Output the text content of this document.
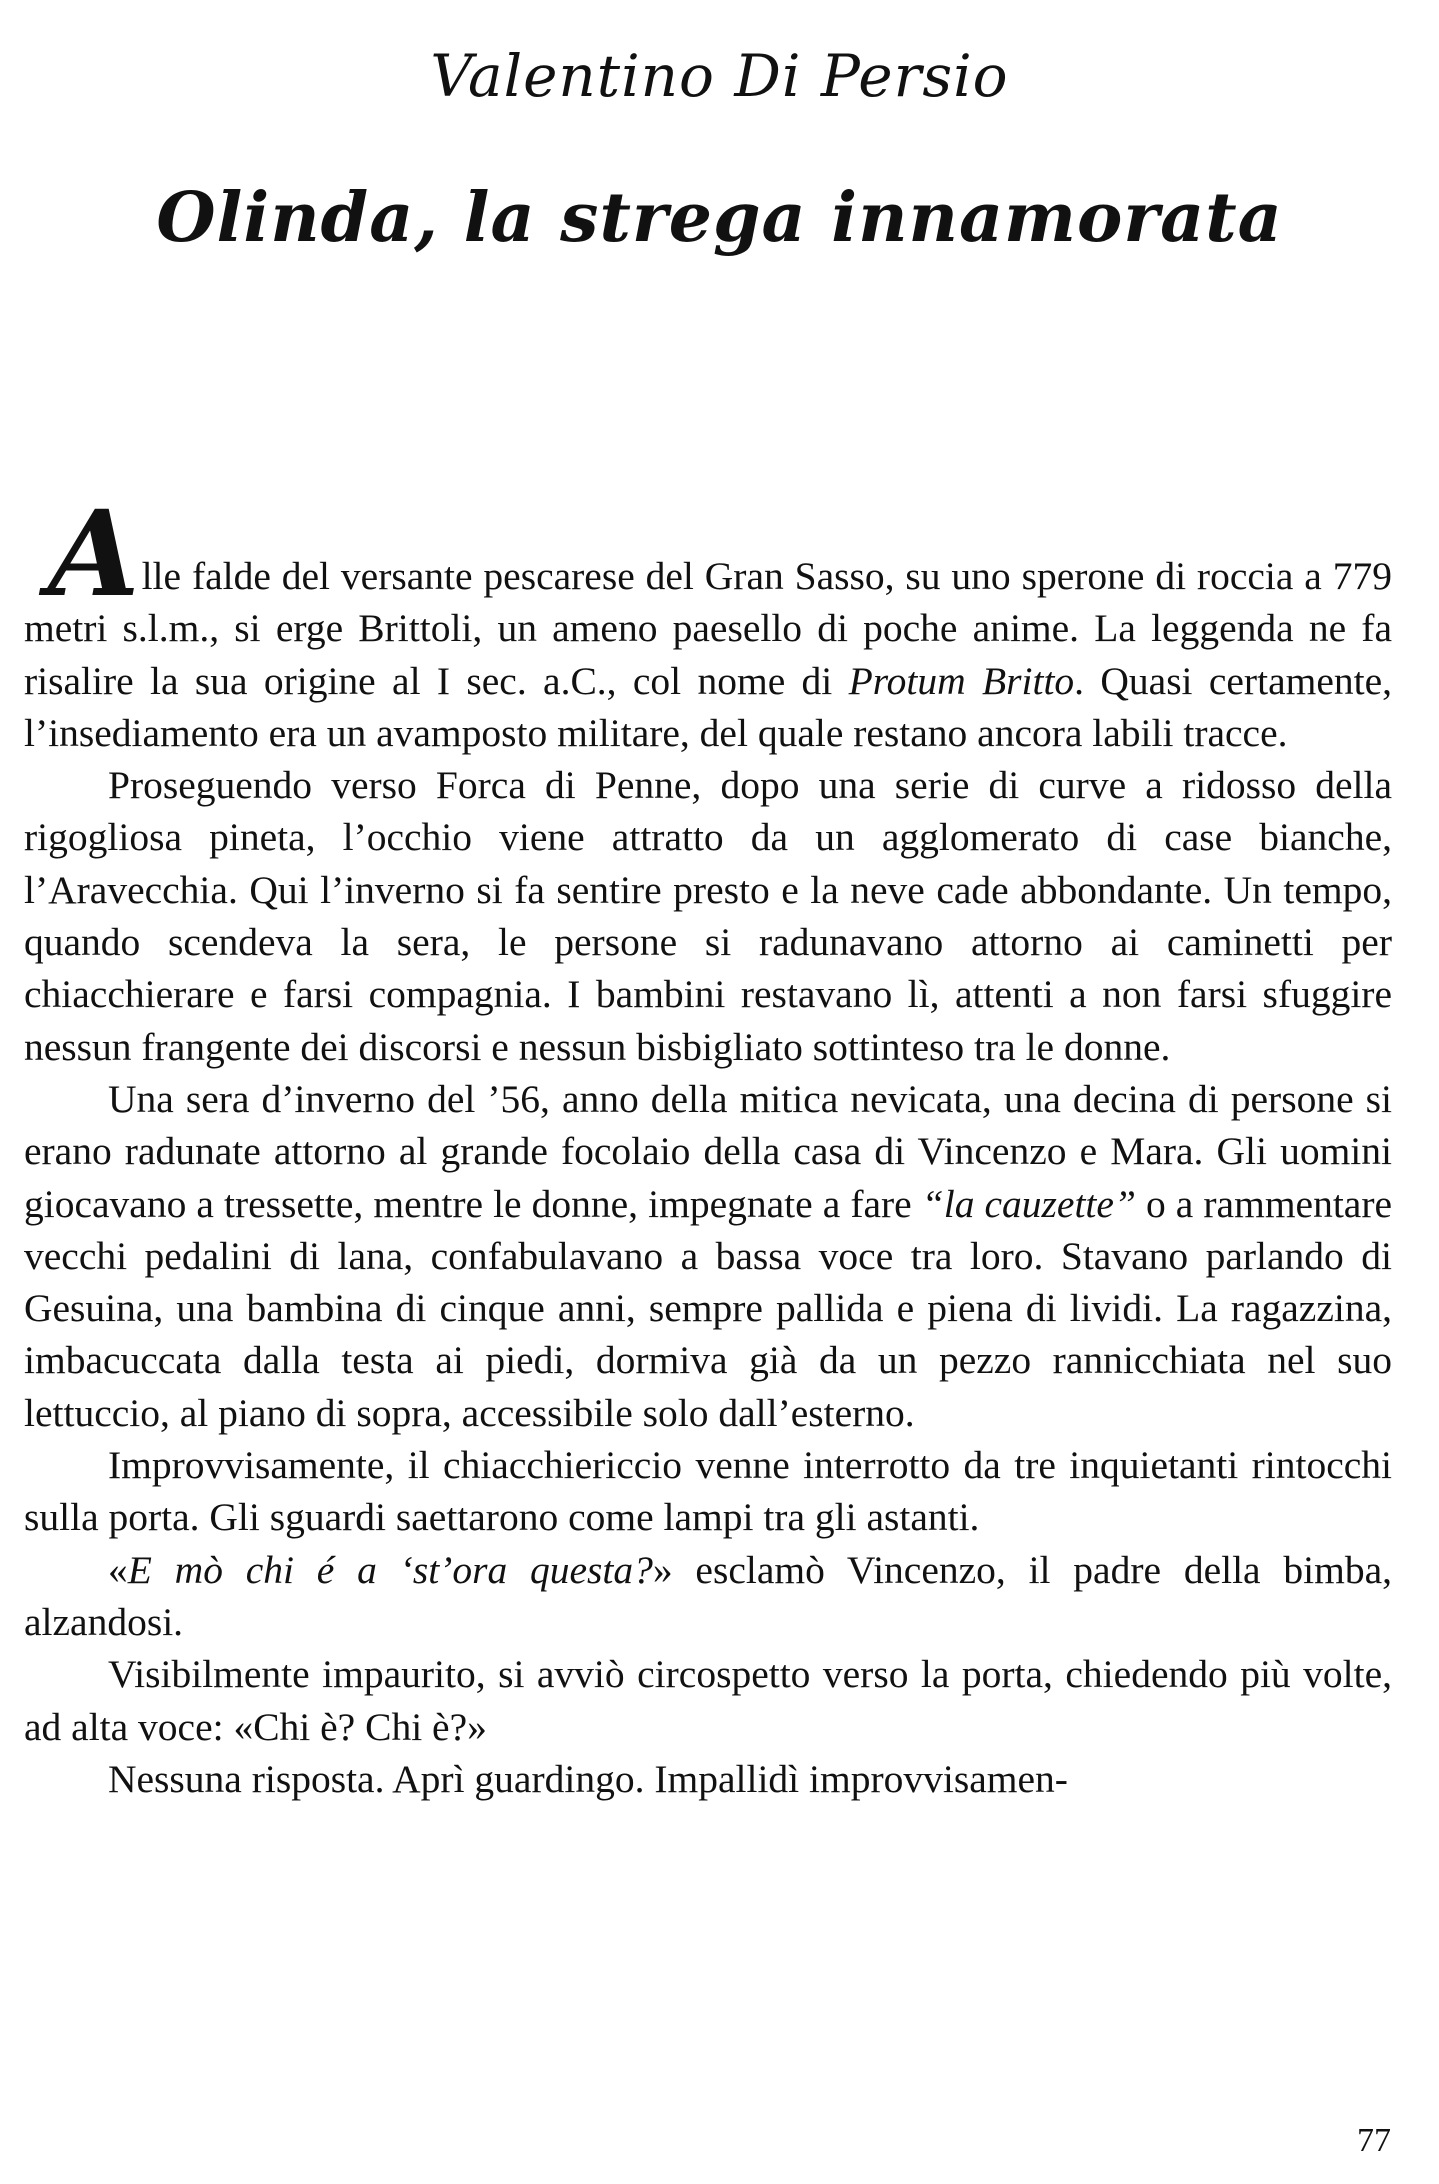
Valentino Di Persio
Olinda, la strega innamorata

Alle falde del versante pescarese del Gran Sasso, su uno sperone di roccia a 779 metri s.l.m., si erge Brittoli, un ameno paesello di poche anime. La leggenda ne fa risalire la sua origine al I sec. a.C., col nome di Protum Britto. Quasi certamente, l’insediamento era un avamposto militare, del quale restano ancora labili tracce.

Proseguendo verso Forca di Penne, dopo una serie di curve a ridosso della rigogliosa pineta, l’occhio viene attratto da un agglomerato di case bianche, l’Aravecchia. Qui l’inverno si fa sentire presto e la neve cade abbondante. Un tempo, quando scendeva la sera, le persone si radunavano attorno ai caminetti per chiacchierare e farsi compagnia. I bambini restavano lì, attenti a non farsi sfuggire nessun frangente dei discorsi e nessun bisbigliato sottinteso tra le donne.

Una sera d’inverno del ’56, anno della mitica nevicata, una decina di persone si erano radunate attorno al grande focolaio della casa di Vincenzo e Mara. Gli uomini giocavano a tressette, mentre le donne, impegnate a fare “la cauzette” o a rammentare vecchi pedalini di lana, confabulavano a bassa voce tra loro. Stavano parlando di Gesuina, una bambina di cinque anni, sempre pallida e piena di lividi. La ragazzina, imbacuccata dalla testa ai piedi, dormiva già da un pezzo rannicchiata nel suo lettuccio, al piano di sopra, accessibile solo dall’esterno.

Improvvisamente, il chiacchiericcio venne interrotto da tre inquietanti rintocchi sulla porta. Gli sguardi saettarono come lampi tra gli astanti.

«E mò chi é a ‘st’ora questa?» esclamò Vincenzo, il padre della bimba, alzandosi.

Visibilmente impaurito, si avviò circospetto verso la porta, chiedendo più volte, ad alta voce: «Chi è? Chi è?»

Nessuna risposta. Aprì guardingo. Impallidì improvvisamen-

77
